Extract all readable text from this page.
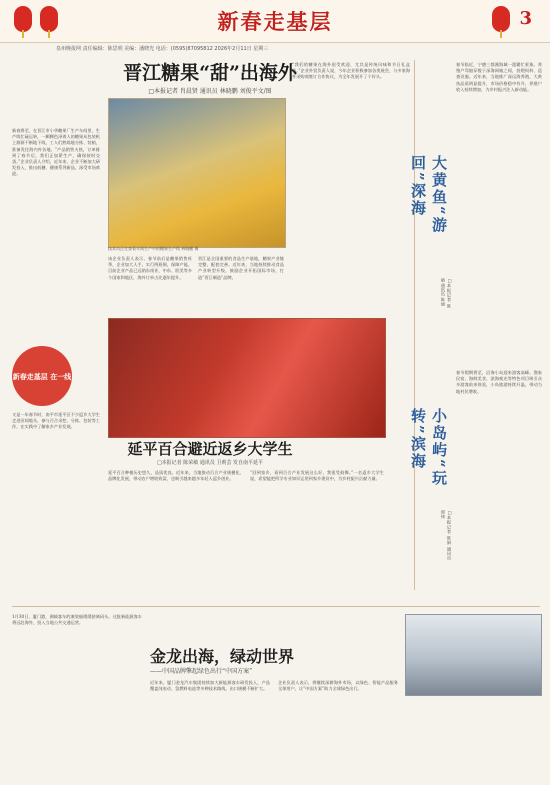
新春走基层	3
泉州晚报网 责任编辑：陈思明 美编：潘晓光 电话：(0595)87095812 2026年2月11日 星期三
晋江糖果“甜”出海外
□本报记者 肖晨贤 通讯员 林晓鹏 刘俊平文/图
新春将至，在晋江市小华糖果厂生产车间里，生产线忙碌运转，一颗颗色泽诱人的糖果从包装机上源源不断地下线，工人们熟练地分拣、装箱，准备发往海内外各地。“产品销售火热，订单排到了春节后，我们正加紧生产，确保按时交货。”企业负责人介绍，近年来，企业不断加大研发投入，推出低糖、健康系列新品，深受市场欢迎。
技术员正在查看车间生产中的糖果生产线 林晓鹏 摄
该企业负责人表示，春节前后是糖果销售旺季，企业加大人手，实行两班倒，保障产能。目前企业产品已远销东南亚、中东、欧美等多个国家和地区，海外订单占比逐年提升。
晋江是全国重要的食品生产基地，糖果产业链完整，配套完善。近年来，当地持续推动食品产业转型升级，鼓励企业开拓国际市场，打造“晋江制造”品牌。
“我们的糖果在海外很受欢迎，尤其是传统风味和节日礼盒装。”企业外贸负责人说，今年企业积极参加各类展会，与多家海外采购商签订合作协议，为全年发展开了个好头。
春节临近，宁德三都澳海域一派繁忙景象。养殖户驾船穿梭于深海网箱之间，投喂饲料、巡查设施。近年来，当地推广深远海养殖，大黄鱼品质明显提升，市场价格稳中有升，养殖户收入持续增加，为乡村振兴注入新动能。
大黄鱼“游回”深海
□本报记者 陈婧 通讯员 陈丽
新春走基层 在一线
又是一年春节时，南平市延平区不少返乡大学生走进田间地头，参与百合采挖、分拣、包装等工作，在实践中了解家乡产业发展。
延平百合避近返乡大学生
□本报记者 陈荣敏 通讯员 卫莉芸 发自南平延平
延平百合种植历史悠久，品质优良。近年来，当地推动百合产业规模化、品牌化发展，带动农户增收致富，也吸引越来越多年轻人返乡创业。
“回到家乡，看到百合产业发展这么好，我很受鼓舞。”一名返乡大学生说，希望能把所学专业知识运用到家乡建设中，为乡村振兴贡献力量。	小岛屿“玩转”滨海
□本报记者 陈娟 通讯员 郭炜
春节假期将至，沿海小岛迎来游客高峰。渔家民宿、海鲜美食、滨海观光等特色项目吸引众多游客前来体验，小岛旅游持续升温，带动当地村民增收。
1月30日，厦门港，满载客车的滚装船缓缓驶离码头。这批新能源客车将远赴海外，投入当地公共交通运营。
金龙出海，绿动世界
——中国品牌擎起绿色出行“中国方案”
近年来，厦门金龙汽车集团持续加大新能源客车研发投入，产品覆盖纯电动、氢燃料电池等多种技术路线，出口规模不断扩大。
企业负责人表示，将继续深耕海外市场，以绿色、智能产品服务全球用户，让“中国方案”助力全球绿色出行。
